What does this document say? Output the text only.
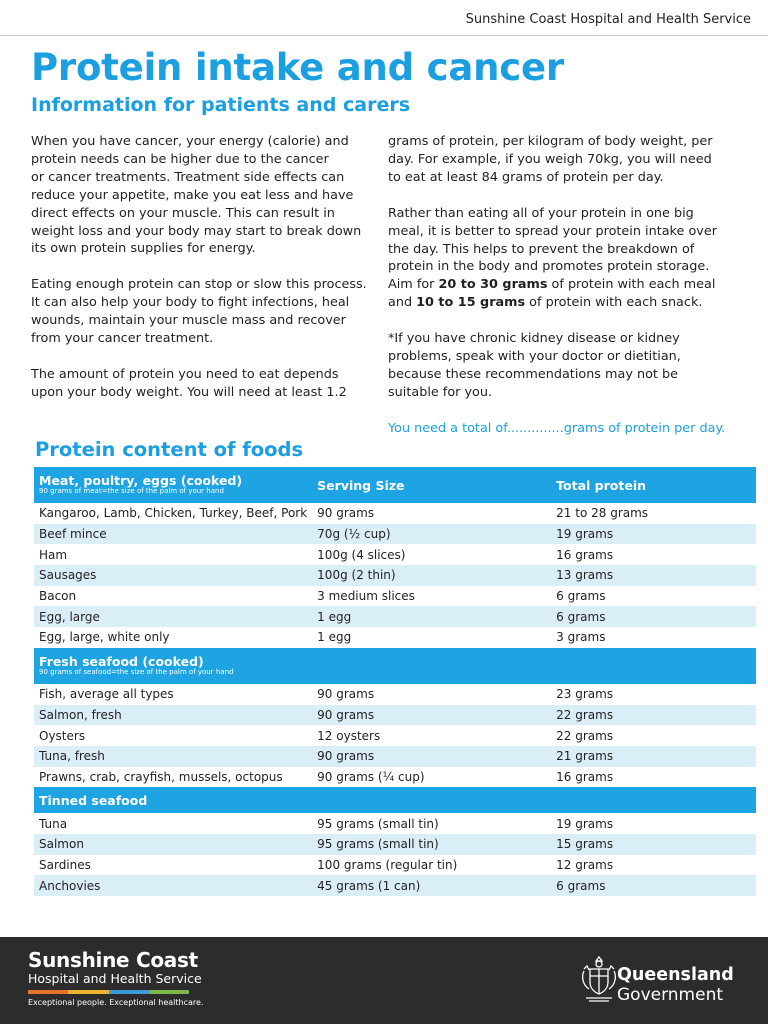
Sunshine Coast Hospital and Health Service
Protein intake and cancer
Information for patients and carers

When you have cancer, your energy (calorie) and
protein needs can be higher due to the cancer
or cancer treatments. Treatment side effects can
reduce your appetite, make you eat less and have
direct effects on your muscle. This can result in
weight loss and your body may start to break down
its own protein supplies for energy.

Eating enough protein can stop or slow this process.
It can also help your body to fight infections, heal
wounds, maintain your muscle mass and recover
from your cancer treatment.

The amount of protein you need to eat depends
upon your body weight. You will need at least 1.2

grams of protein, per kilogram of body weight, per
day. For example, if you weigh 70kg, you will need
to eat at least 84 grams of protein per day.

Rather than eating all of your protein in one big
meal, it is better to spread your protein intake over
the day. This helps to prevent the breakdown of
protein in the body and promotes protein storage.
Aim for 20 to 30 grams of protein with each meal
and 10 to 15 grams of protein with each snack.

*If you have chronic kidney disease or kidney
problems, speak with your doctor or dietitian,
because these recommendations may not be
suitable for you.

You need a total of..............grams of protein per day.

Protein content of foods
Meat, poultry, eggs (cooked)
90 grams of meat=the size of the palm of your hand	Serving Size	Total protein
Kangaroo, Lamb, Chicken, Turkey, Beef, Pork	90 grams	21 to 28 grams
Beef mince	70g (½ cup)	19 grams
Ham	100g (4 slices)	16 grams
Sausages	100g (2 thin)	13 grams
Bacon	3 medium slices	6 grams
Egg, large	1 egg	6 grams
Egg, large, white only	1 egg	3 grams
Fresh seafood (cooked)
90 grams of seafood=the size of the palm of your hand		

Fish, average all types	90 grams	23 grams
Salmon, fresh	90 grams	22 grams
Oysters	12 oysters	22 grams
Tuna, fresh	90 grams	21 grams
Prawns, crab, crayfish, mussels, octopus	90 grams (¼ cup)	16 grams
Tinned seafood		
Tuna	95 grams (small tin)	19 grams
Salmon	95 grams (small tin)	15 grams
Sardines	100 grams (regular tin)	12 grams
Anchovies	45 grams (1 can)	6 grams
Sunshine Coast
Hospital and Health Service
Exceptional people. Exceptional healthcare.
Queensland
Government
